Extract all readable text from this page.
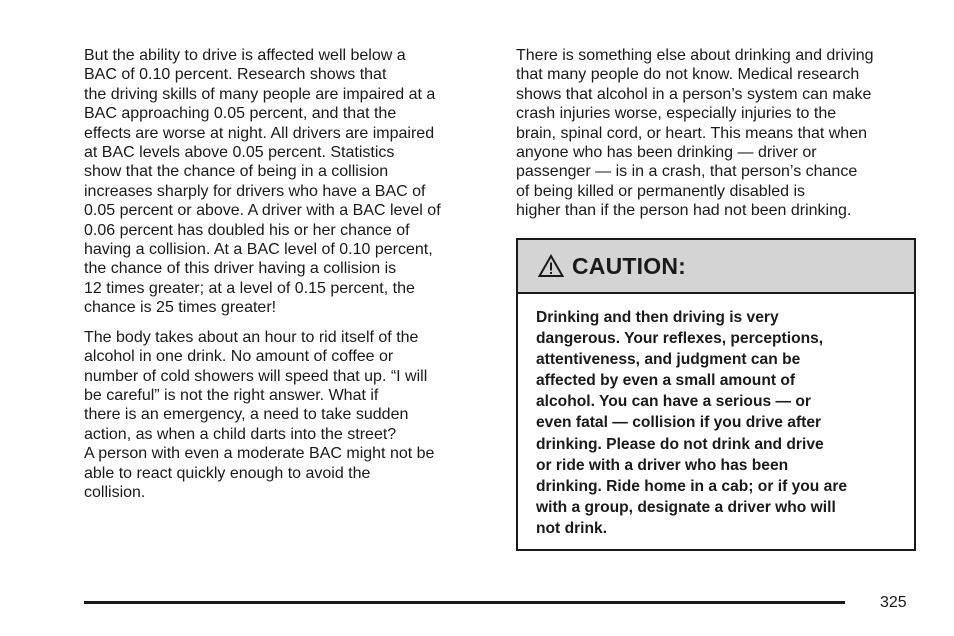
But the ability to drive is affected well below a
BAC of 0.10 percent. Research shows that
the driving skills of many people are impaired at a
BAC approaching 0.05 percent, and that the
effects are worse at night. All drivers are impaired
at BAC levels above 0.05 percent. Statistics
show that the chance of being in a collision
increases sharply for drivers who have a BAC of
0.05 percent or above. A driver with a BAC level of
0.06 percent has doubled his or her chance of
having a collision. At a BAC level of 0.10 percent,
the chance of this driver having a collision is
12 times greater; at a level of 0.15 percent, the
chance is 25 times greater!

The body takes about an hour to rid itself of the
alcohol in one drink. No amount of coffee or
number of cold showers will speed that up. “I will
be careful” is not the right answer. What if
there is an emergency, a need to take sudden
action, as when a child darts into the street?
A person with even a moderate BAC might not be
able to react quickly enough to avoid the
collision.

There is something else about drinking and driving
that many people do not know. Medical research
shows that alcohol in a person’s system can make
crash injuries worse, especially injuries to the
brain, spinal cord, or heart. This means that when
anyone who has been drinking — driver or
passenger — is in a crash, that person’s chance
of being killed or permanently disabled is
higher than if the person had not been drinking.

CAUTION:
Drinking and then driving is very
dangerous. Your reflexes, perceptions,
attentiveness, and judgment can be
affected by even a small amount of
alcohol. You can have a serious — or
even fatal — collision if you drive after
drinking. Please do not drink and drive
or ride with a driver who has been
drinking. Ride home in a cab; or if you are
with a group, designate a driver who will
not drink.
325
